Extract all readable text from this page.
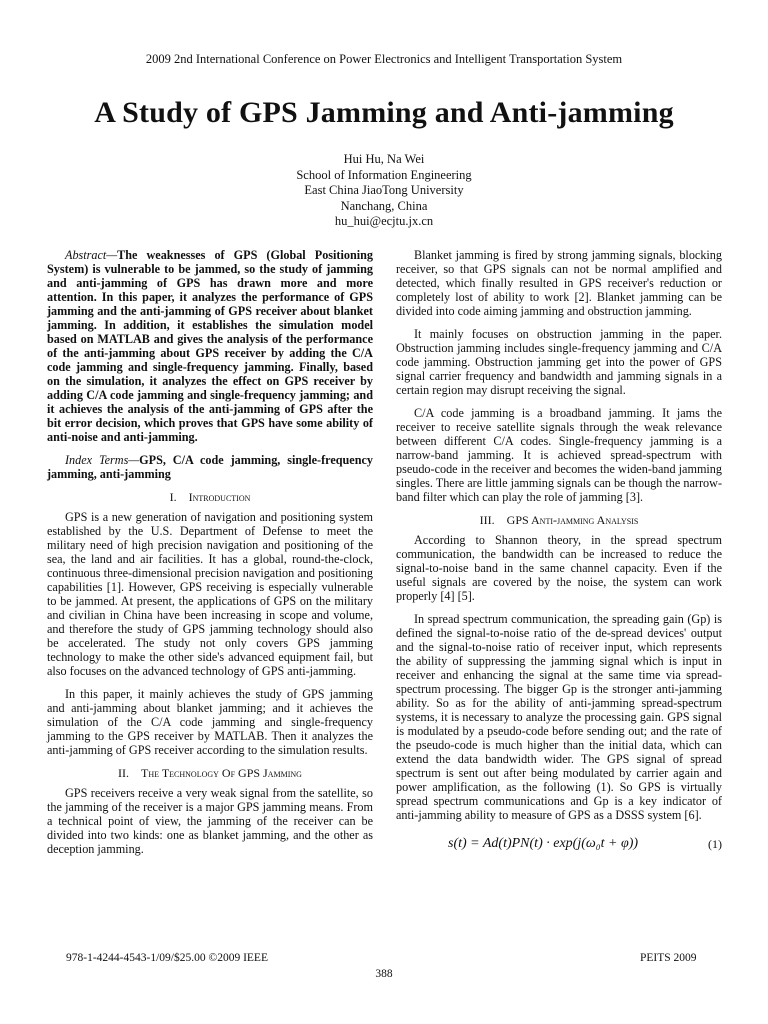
2009 2nd International Conference on Power Electronics and Intelligent Transportation System
A Study of GPS Jamming and Anti-jamming
Hui Hu, Na Wei
School of Information Engineering
East China JiaoTong University
Nanchang, China
hu_hui@ecjtu.jx.cn

Abstract—The weaknesses of GPS (Global Positioning System) is vulnerable to be jammed, so the study of jamming and anti-jamming of GPS has drawn more and more attention. In this paper, it analyzes the performance of GPS jamming and the anti-jamming of GPS receiver about blanket jamming. In addition, it establishes the simulation model based on MATLAB and gives the analysis of the performance of the anti-jamming about GPS receiver by adding the C/A code jamming and single-frequency jamming. Finally, based on the simulation, it analyzes the effect on GPS receiver by adding C/A code jamming and single-frequency jamming; and it achieves the analysis of the anti-jamming of GPS after the bit error decision, which proves that GPS have some ability of anti-noise and anti-jamming.

Index Terms—GPS, C/A code jamming, single-frequency jamming, anti-jamming

I. Introduction

GPS is a new generation of navigation and positioning system established by the U.S. Department of Defense to meet the military need of high precision navigation and positioning of the sea, the land and air facilities. It has a global, round-the-clock, continuous three-dimensional precision navigation and positioning capabilities [1]. However, GPS receiving is especially vulnerable to be jammed. At present, the applications of GPS on the military and civilian in China have been increasing in scope and volume, and therefore the study of GPS jamming technology should also be accelerated. The study not only covers GPS jamming technology to make the other side's advanced equipment fail, but also focuses on the advanced technology of GPS anti-jamming.

In this paper, it mainly achieves the study of GPS jamming and anti-jamming about blanket jamming; and it achieves the simulation of the C/A code jamming and single-frequency jamming to the GPS receiver by MATLAB. Then it analyzes the anti-jamming of GPS receiver according to the simulation results.

II. The Technology Of GPS Jamming

GPS receivers receive a very weak signal from the satellite, so the jamming of the receiver is a major GPS jamming means. From a technical point of view, the jamming of the receiver can be divided into two kinds: one as blanket jamming, and the other as deception jamming.

Blanket jamming is fired by strong jamming signals, blocking receiver, so that GPS signals can not be normal amplified and detected, which finally resulted in GPS receiver's reduction or completely lost of ability to work [2]. Blanket jamming can be divided into code aiming jamming and obstruction jamming.

It mainly focuses on obstruction jamming in the paper. Obstruction jamming includes single-frequency jamming and C/A code jamming. Obstruction jamming get into the power of GPS signal carrier frequency and bandwidth and jamming signals in a certain region may disrupt receiving the signal.

C/A code jamming is a broadband jamming. It jams the receiver to receive satellite signals through the weak relevance between different C/A codes. Single-frequency jamming is a narrow-band jamming. It is achieved spread-spectrum with pseudo-code in the receiver and becomes the widen-band jamming singles. There are little jamming signals can be though the narrow-band filter which can play the role of jamming [3].

III. GPS Anti-jamming Analysis

According to Shannon theory, in the spread spectrum communication, the bandwidth can be increased to reduce the signal-to-noise band in the same channel capacity. Even if the useful signals are covered by the noise, the system can work properly [4] [5].

In spread spectrum communication, the spreading gain (Gp) is defined the signal-to-noise ratio of the de-spread devices' output and the signal-to-noise ratio of receiver input, which represents the ability of suppressing the jamming signal which is input in receiver and enhancing the signal at the same time via spread-spectrum processing. The bigger Gp is the stronger anti-jamming ability. So as for the ability of anti-jamming spread-spectrum systems, it is necessary to analyze the processing gain. GPS signal is modulated by a pseudo-code before sending out; and the rate of the pseudo-code is much higher than the initial data, which can extend the data bandwidth wider. The GPS signal of spread spectrum is sent out after being modulated by carrier again and power amplification, as the following (1). So GPS is virtually spread spectrum communications and Gp is a key indicator of anti-jamming ability to measure of GPS as a DSSS system [6].

s(t) = Ad(t)PN(t) · exp(j(ω₀t + φ))	(1)
978-1-4244-4543-1/09/$25.00 ©2009 IEEE	PEITS 2009
388
